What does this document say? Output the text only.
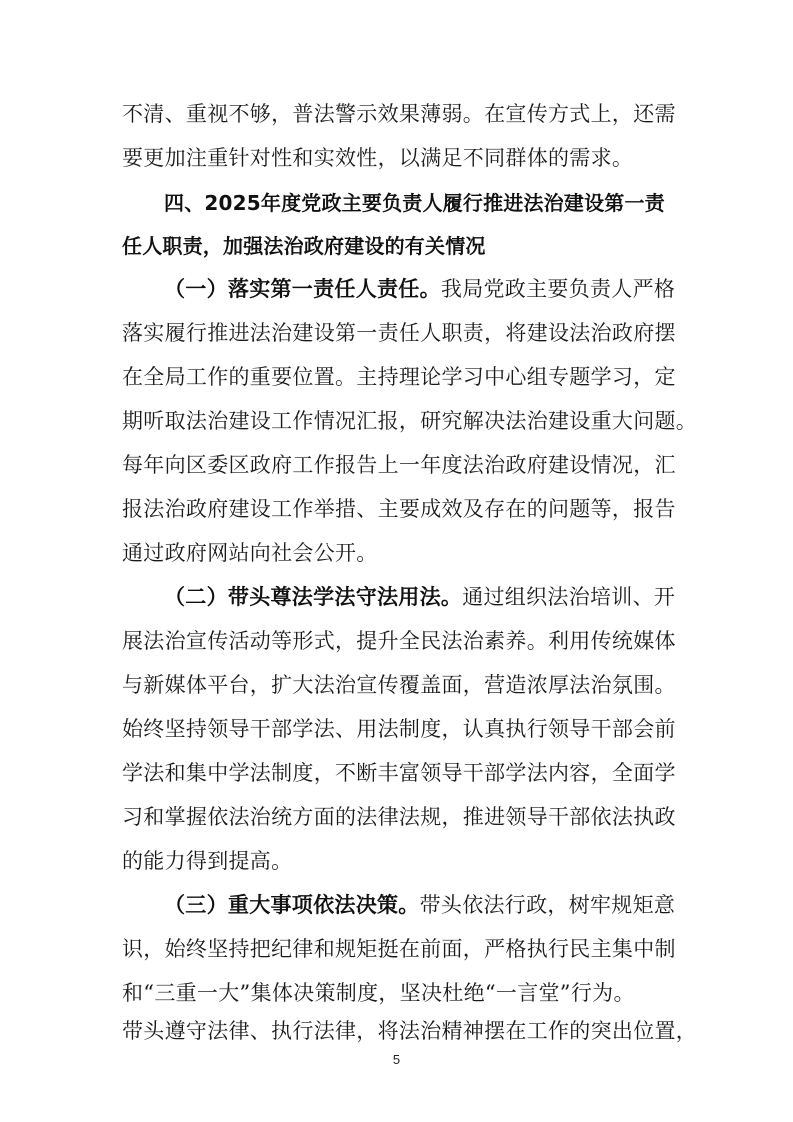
不清、重视不够，普法警示效果薄弱。在宣传方式上，还需
要更加注重针对性和实效性，以满足不同群体的需求。
四、2025年度党政主要负责人履行推进法治建设第一责
任人职责，加强法治政府建设的有关情况
（一）落实第一责任人责任。我局党政主要负责人严格
落实履行推进法治建设第一责任人职责，将建设法治政府摆
在全局工作的重要位置。主持理论学习中心组专题学习，定
期听取法治建设工作情况汇报，研究解决法治建设重大问题。
每年向区委区政府工作报告上一年度法治政府建设情况，汇
报法治政府建设工作举措、主要成效及存在的问题等，报告
通过政府网站向社会公开。
（二）带头尊法学法守法用法。通过组织法治培训、开
展法治宣传活动等形式，提升全民法治素养。利用传统媒体
与新媒体平台，扩大法治宣传覆盖面，营造浓厚法治氛围。
始终坚持领导干部学法、用法制度，认真执行领导干部会前
学法和集中学法制度，不断丰富领导干部学法内容，全面学
习和掌握依法治统方面的法律法规，推进领导干部依法执政
的能力得到提高。
（三）重大事项依法决策。带头依法行政，树牢规矩意
识，始终坚持把纪律和规矩挺在前面，严格执行民主集中制
和“三重一大”集体决策制度，坚决杜绝“一言堂”行为。
带头遵守法律、执行法律，将法治精神摆在工作的突出位置，
5
